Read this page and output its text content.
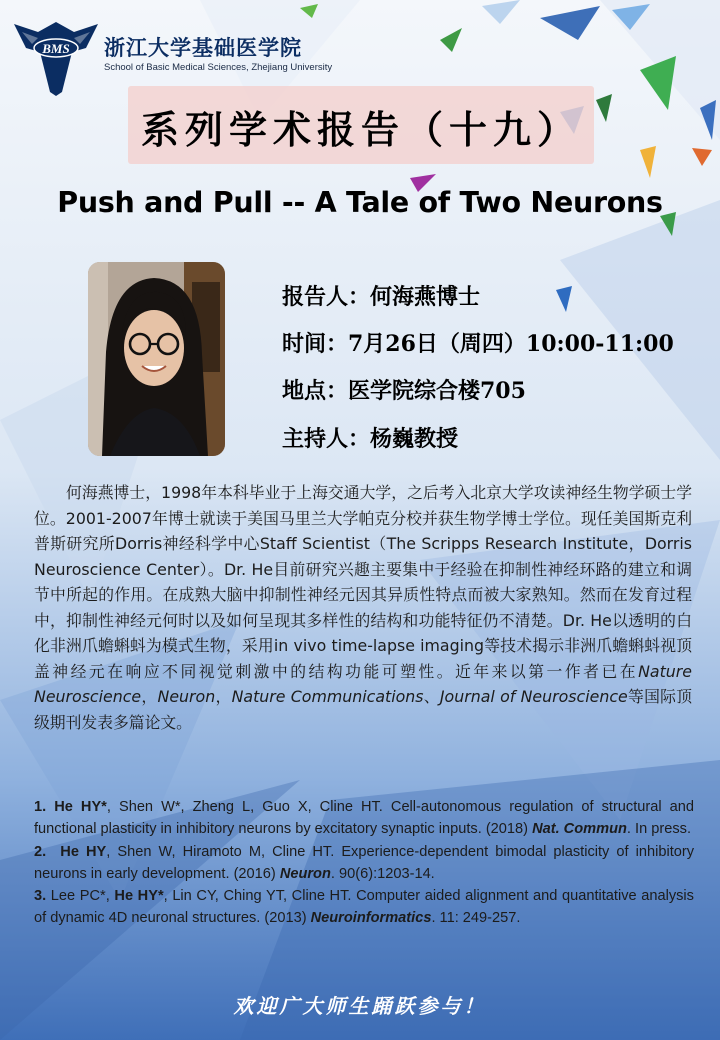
BMS 浙江大学基础医学院
School of Basic Medical Sciences, Zhejiang University
系列学术报告（十九）
Push and Pull -- A Tale of Two Neurons
报告人：何海燕博士
时间：7月26日（周四）10:00-11:00
地点：医学院综合楼705
主持人：杨巍教授
何海燕博士，1998年本科毕业于上海交通大学，之后考入北京大学攻读神经生物学硕士学位。2001-2007年博士就读于美国马里兰大学帕克分校并获生物学博士学位。现任美国斯克利普斯研究所Dorris神经科学中心Staff Scientist（The Scripps Research Institute，Dorris Neuroscience Center）。Dr. He目前研究兴趣主要集中于经验在抑制性神经环路的建立和调节中所起的作用。在成熟大脑中抑制性神经元因其异质性特点而被大家熟知。然而在发育过程中，抑制性神经元何时以及如何呈现其多样性的结构和功能特征仍不清楚。Dr. He以透明的白化非洲爪蟾蝌蚪为模式生物，采用in vivo time-lapse imaging等技术揭示非洲爪蟾蝌蚪视顶盖神经元在响应不同视觉刺激中的结构功能可塑性。近年来以第一作者已在Nature Neuroscience，Neuron，Nature Communications、Journal of Neuroscience等国际顶级期刊发表多篇论文。

1. He HY*, Shen W*, Zheng L, Guo X, Cline HT. Cell-autonomous regulation of structural and functional plasticity in inhibitory neurons by excitatory synaptic inputs. (2018) Nat. Commun. In press.

2. He HY, Shen W, Hiramoto M, Cline HT. Experience-dependent bimodal plasticity of inhibitory neurons in early development. (2016) Neuron. 90(6):1203-14.

3. Lee PC*, He HY*, Lin CY, Ching YT, Cline HT. Computer aided alignment and quantitative analysis of dynamic 4D neuronal structures. (2013) Neuroinformatics. 11: 249-257.

欢迎广大师生踊跃参与！
